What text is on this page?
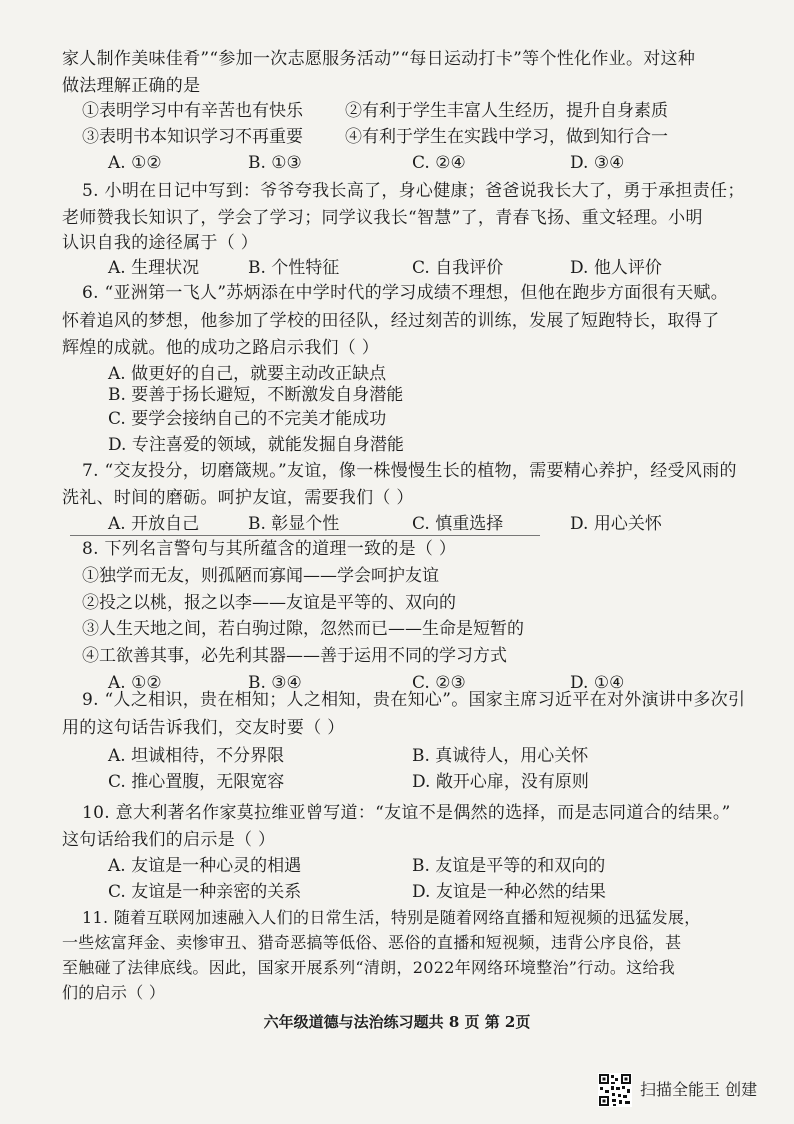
家人制作美味佳肴”“参加一次志愿服务活动”“每日运动打卡”等个性化作业。对这种
做法理解正确的是
①表明学习中有辛苦也有快乐 ②有利于学生丰富人生经历，提升自身素质
③表明书本知识学习不再重要 ④有利于学生在实践中学习，做到知行合一
A. ①②	B. ①③	C. ②④	D. ③④
5. 小明在日记中写到：爷爷夸我长高了，身心健康；爸爸说我长大了，勇于承担责任；
老师赞我长知识了，学会了学习；同学议我长“智慧”了，青春飞扬、重文轻理。小明
认识自我的途径属于（ ）
A. 生理状况	B. 个性特征	C. 自我评价	D. 他人评价
6. “亚洲第一飞人”苏炳添在中学时代的学习成绩不理想，但他在跑步方面很有天赋。
怀着追风的梦想，他参加了学校的田径队，经过刻苦的训练，发展了短跑特长，取得了
辉煌的成就。他的成功之路启示我们（ ）
A. 做更好的自己，就要主动改正缺点
B. 要善于扬长避短，不断激发自身潜能
C. 要学会接纳自己的不完美才能成功
D. 专注喜爱的领域，就能发掘自身潜能
7. “交友投分，切磨箴规。”友谊，像一株慢慢生长的植物，需要精心养护，经受风雨的
洗礼、时间的磨砺。呵护友谊，需要我们（ ）
A. 开放自己	B. 彰显个性	C. 慎重选择	D. 用心关怀
8. 下列名言警句与其所蕴含的道理一致的是（ ）
①独学而无友，则孤陋而寡闻——学会呵护友谊
②投之以桃，报之以李——友谊是平等的、双向的
③人生天地之间，若白驹过隙，忽然而已——生命是短暂的
④工欲善其事，必先利其器——善于运用不同的学习方式
A. ①②	B. ③④	C. ②③	D. ①④
9. “人之相识，贵在相知；人之相知，贵在知心”。国家主席习近平在对外演讲中多次引
用的这句话告诉我们，交友时要（ ）
A. 坦诚相待，不分界限	B. 真诚待人，用心关怀
C. 推心置腹，无限宽容	D. 敞开心扉，没有原则
10. 意大利著名作家莫拉维亚曾写道：“友谊不是偶然的选择，而是志同道合的结果。”
这句话给我们的启示是（ ）
A. 友谊是一种心灵的相遇	B. 友谊是平等的和双向的
C. 友谊是一种亲密的关系	D. 友谊是一种必然的结果
11. 随着互联网加速融入人们的日常生活，特别是随着网络直播和短视频的迅猛发展，
一些炫富拜金、卖惨审丑、猎奇恶搞等低俗、恶俗的直播和短视频，违背公序良俗，甚
至触碰了法律底线。因此，国家开展系列“清朗，2022年网络环境整治”行动。这给我
们的启示（ ）
六年级道德与法治练习题共 8 页 第 2页
扫描全能王 创建
